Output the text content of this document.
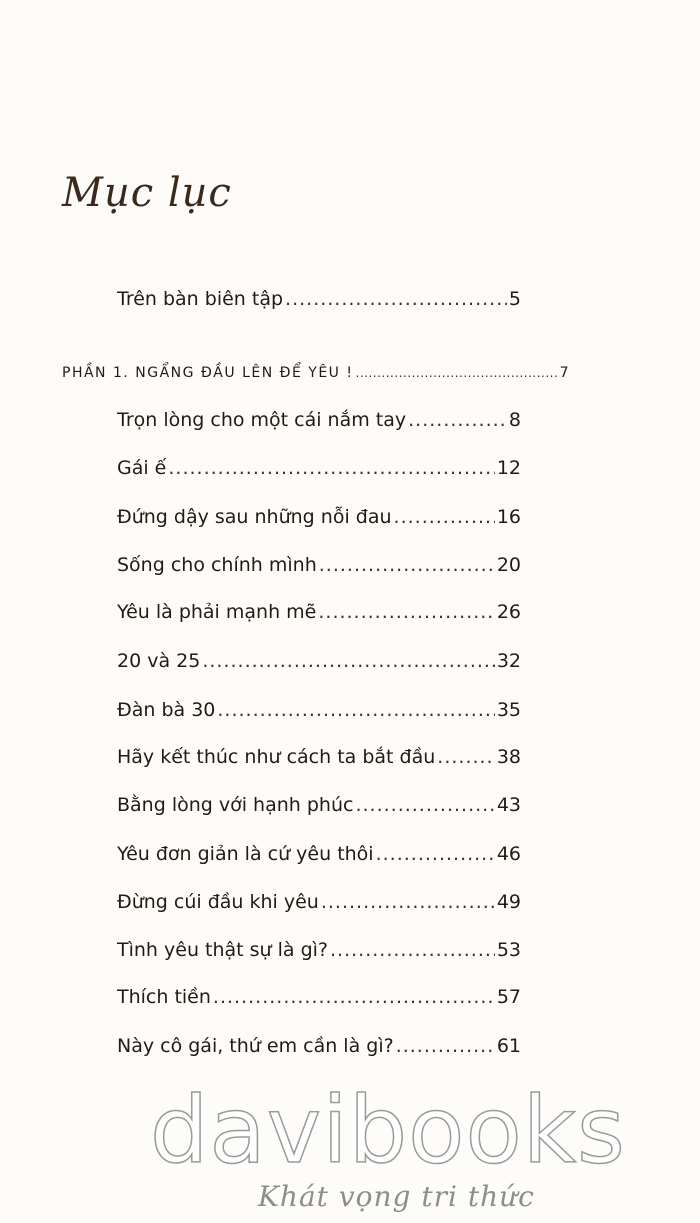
Mục lục
Trên bàn biên tập .....	5
PHẦN 1. NGẨNG ĐẦU LÊN ĐỂ YÊU ! .....	7
Trọn lòng cho một cái nắm tay .....	8
Gái ế .....	12
Đứng dậy sau những nỗi đau .....	16
Sống cho chính mình .....	20
Yêu là phải mạnh mẽ .....	26
20 và 25 .....	32
Đàn bà 30 .....	35
Hãy kết thúc như cách ta bắt đầu .....	38
Bằng lòng với hạnh phúc .....	43
Yêu đơn giản là cứ yêu thôi .....	46
Đừng cúi đầu khi yêu .....	49
Tình yêu thật sự là gì? .....	53
Thích tiền .....	57
Này cô gái, thứ em cần là gì? .....	61
davibooks
Khát vọng tri thức
